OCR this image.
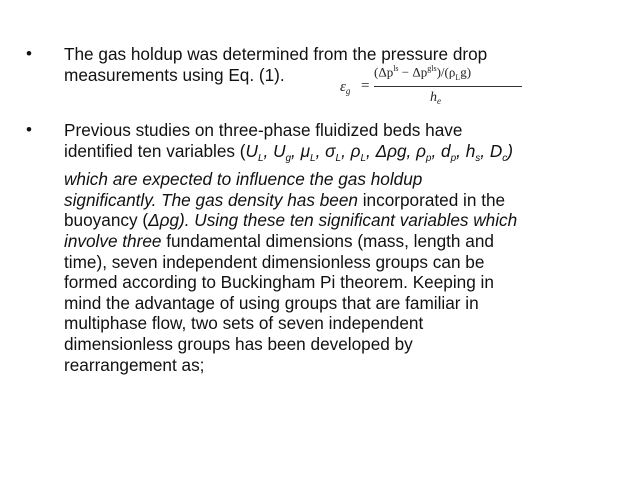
• The gas holdup was determined from the pressure drop
measurements using Eq. (1).
$\varepsilon_g$ =
$(\Delta p^{ls} - \Delta p^{gls})/(\rho_Lg)$
$h_e$
• Previous studies on three-phase fluidized beds have
identified ten variables ($U_L$, $U_g$, $\mu_L$, $\sigma_L$, $\rho_L$, Δρg, $\rho_p$, $d_p$, $h_s$, $D_c$)
which are expected to influence the gas holdup
significantly. The gas density has been incorporated in the
buoyancy (Δρg). Using these ten significant variables which
involve three fundamental dimensions (mass, length and
time), seven independent dimensionless groups can be
formed according to Buckingham Pi theorem. Keeping in
mind the advantage of using groups that are familiar in
multiphase flow, two sets of seven independent
dimensionless groups has been developed by
rearrangement as;
